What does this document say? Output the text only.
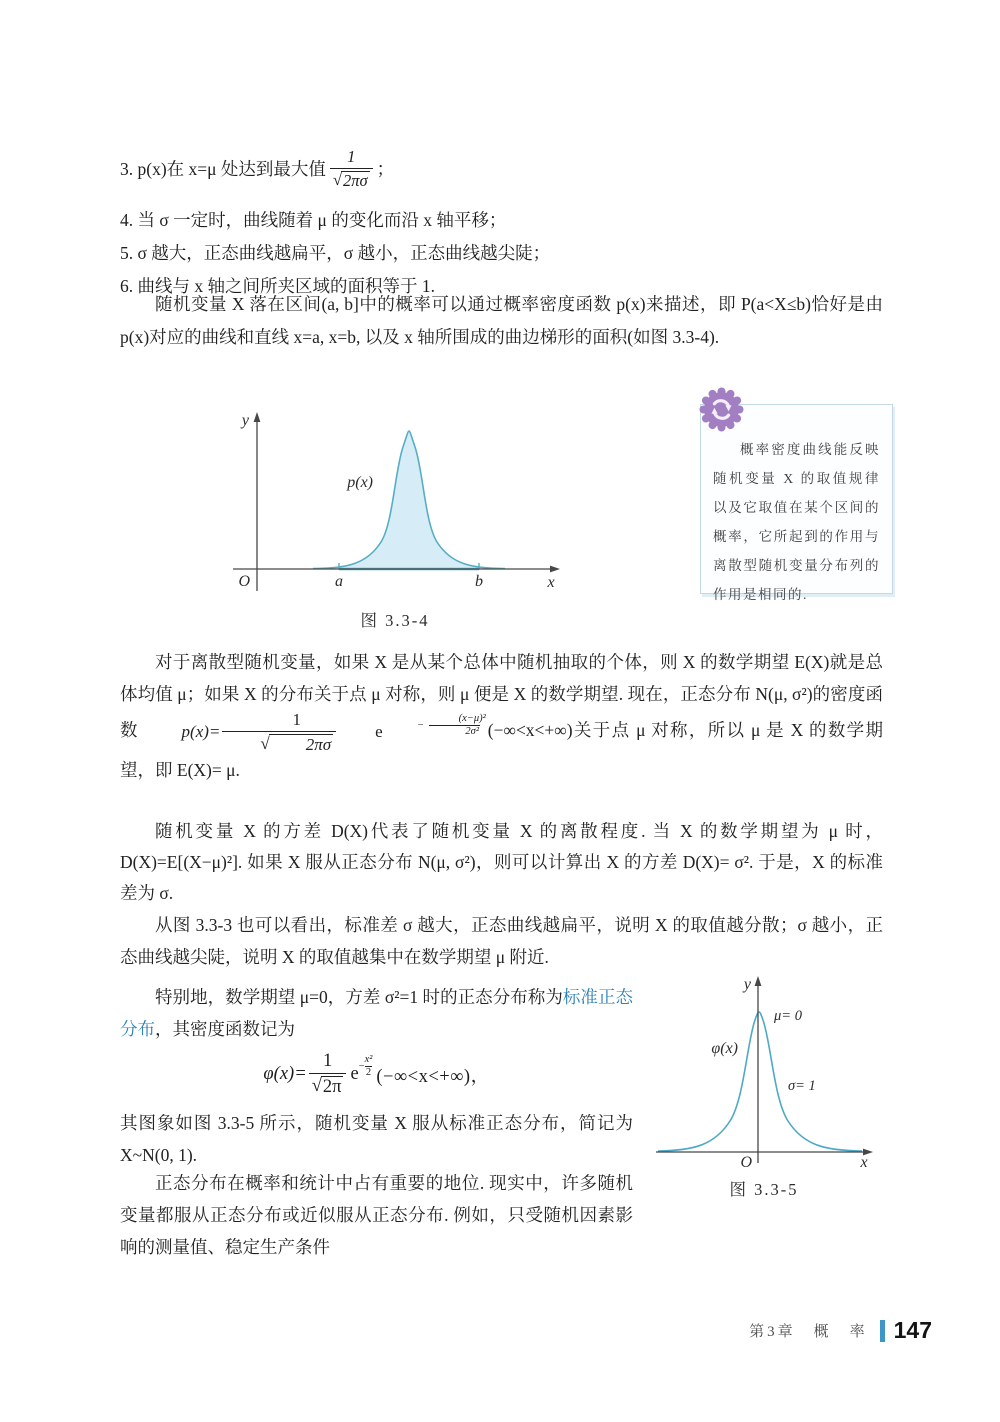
3. p(x)在 x=μ 处达到最大值 $\frac{1}{√ 2\pi\sigma}$ ；
4. 当 σ 一定时，曲线随着 μ 的变化而沿 x 轴平移；
5. σ 越大，正态曲线越扁平，σ 越小，正态曲线越尖陡；
6. 曲线与 x 轴之间所夹区域的面积等于 1.

随机变量 X 落在区间(a, b]中的概率可以通过概率密度函数 p(x)来描述，即 P(a<X≤b)恰好是由 p(x)对应的曲线和直线 x=a, x=b, 以及 x 轴所围成的曲边梯形的面积(如图 3.3-4).

y
x
O	a	b
p(x)
图 3.3-4
概率密度曲线能反映随机变量 X 的取值规律以及它取值在某个区间的概率，它所起到的作用与离散型随机变量分布列的作用是相同的.

对于离散型随机变量，如果 X 是从某个总体中随机抽取的个体，则 X 的数学期望 E(X)就是总体均值 μ；如果 X 的分布关于点 μ 对称，则 μ 便是 X 的数学期望. 现在，正态分布 N(μ, σ²)的密度函数	p(x)= 1
√	2πσ	e	− $\frac{\text{(x−μ)²}}{\text{2σ²}} (-\infty<x<+\infty)$关于点 μ 对称，所以 μ 是 X 的数学期望，即 E(X)= μ.

随机变量 X 的方差 D(X)代表了随机变量 X 的离散程度. 当 X 的数学期望为 μ 时，D(X)=E[(X−μ)²]. 如果 X 服从正态分布 N(μ, σ²)，则可以计算出 X 的方差 D(X)= σ². 于是，X 的标准差为 σ.

从图 3.3-3 也可以看出，标准差 σ 越大，正态曲线越扁平，说明 X 的取值越分散；σ 越小，正态曲线越尖陡，说明 X 的取值越集中在数学期望 μ 附近.

特别地，数学期望 μ=0，方差 σ²=1 时的正态分布称为标准正态分布，其密度函数记为

$\varphi(x)= \frac{1}{√ 2\pi}$ $e - \frac{\text{x²}}{2} (-\infty<x<+\infty)$，

其图象如图 3.3-5 所示，随机变量 X 服从标准正态分布，简记为 X~N(0, 1).

y
x
O
φ(x)
μ= 0
σ= 1
图 3.3-5

正态分布在概率和统计中占有重要的地位. 现实中，许多随机变量都服从正态分布或近似服从正态分布. 例如，只受随机因素影响的测量值、稳定生产条件

第3章　概　率 147
